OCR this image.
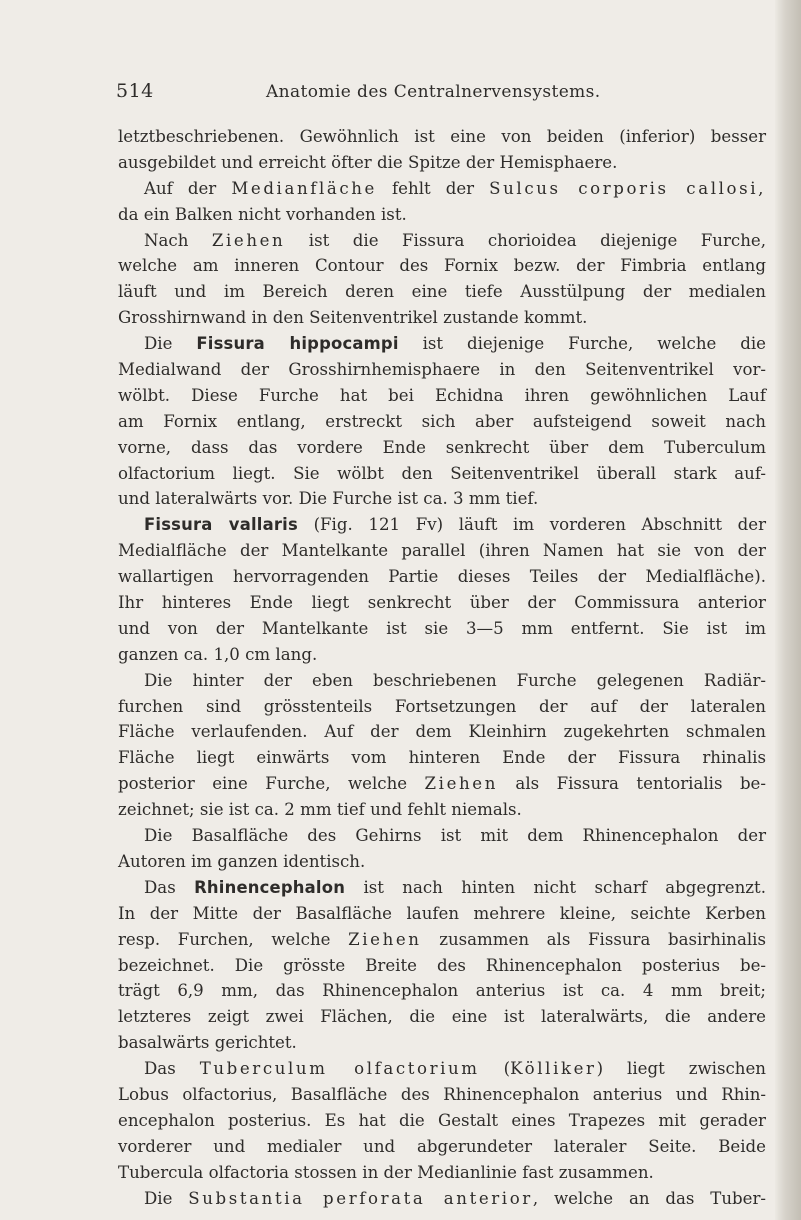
514	Anatomie des Centralnervensystems.
letztbeschriebenen. Gewöhnlich ist eine von beiden (inferior) besser
ausgebildet und erreicht öfter die Spitze der Hemisphaere.
Auf der Medianfläche fehlt der Sulcus corporis callosi,
da ein Balken nicht vorhanden ist.
Nach Ziehen ist die Fissura chorioidea diejenige Furche,
welche am inneren Contour des Fornix bezw. der Fimbria entlang
läuft und im Bereich deren eine tiefe Ausstülpung der medialen
Grosshirnwand in den Seitenventrikel zustande kommt.
Die Fissura hippocampi ist diejenige Furche, welche die
Medialwand der Grosshirnhemisphaere in den Seitenventrikel vor-
wölbt. Diese Furche hat bei Echidna ihren gewöhnlichen Lauf
am Fornix entlang, erstreckt sich aber aufsteigend soweit nach
vorne, dass das vordere Ende senkrecht über dem Tuberculum
olfactorium liegt. Sie wölbt den Seitenventrikel überall stark auf-
und lateralwärts vor. Die Furche ist ca. 3 mm tief.
Fissura vallaris (Fig. 121 Fv) läuft im vorderen Abschnitt der
Medialfläche der Mantelkante parallel (ihren Namen hat sie von der
wallartigen hervorragenden Partie dieses Teiles der Medialfläche).
Ihr hinteres Ende liegt senkrecht über der Commissura anterior
und von der Mantelkante ist sie 3—5 mm entfernt. Sie ist im
ganzen ca. 1,0 cm lang.
Die hinter der eben beschriebenen Furche gelegenen Radiär-
furchen sind grösstenteils Fortsetzungen der auf der lateralen
Fläche verlaufenden. Auf der dem Kleinhirn zugekehrten schmalen
Fläche liegt einwärts vom hinteren Ende der Fissura rhinalis
posterior eine Furche, welche Ziehen als Fissura tentorialis be-
zeichnet; sie ist ca. 2 mm tief und fehlt niemals.
Die Basalfläche des Gehirns ist mit dem Rhinencephalon der
Autoren im ganzen identisch.
Das Rhinencephalon ist nach hinten nicht scharf abgegrenzt.
In der Mitte der Basalfläche laufen mehrere kleine, seichte Kerben
resp. Furchen, welche Ziehen zusammen als Fissura basirhinalis
bezeichnet. Die grösste Breite des Rhinencephalon posterius be-
trägt 6,9 mm, das Rhinencephalon anterius ist ca. 4 mm breit;
letzteres zeigt zwei Flächen, die eine ist lateralwärts, die andere
basalwärts gerichtet.
Das Tuberculum olfactorium (Kölliker) liegt zwischen
Lobus olfactorius, Basalfläche des Rhinencephalon anterius und Rhin-
encephalon posterius. Es hat die Gestalt eines Trapezes mit gerader
vorderer und medialer und abgerundeter lateraler Seite. Beide
Tubercula olfactoria stossen in der Medianlinie fast zusammen.
Die Substantia perforata anterior, welche an das Tuber-
